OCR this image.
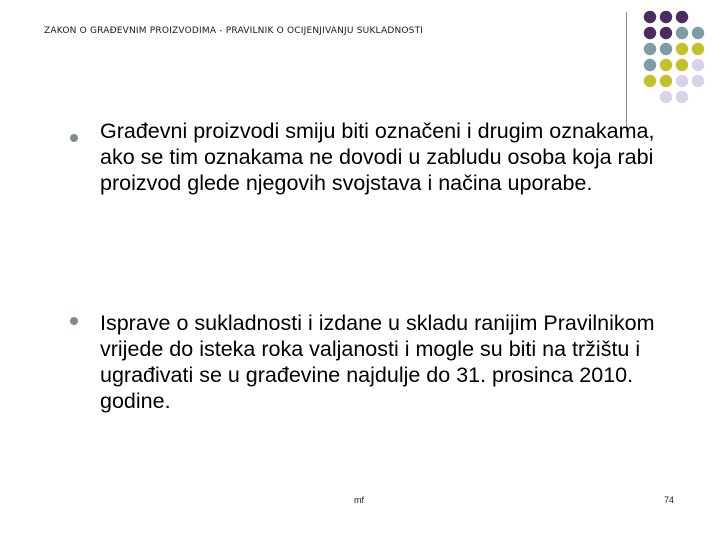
ZAKON O GRAĐEVNIM PROIZVODIMA - PRAVILNIK O OCIJENJIVANJU SUKLADNOSTI
Građevni proizvodi smiju biti označeni i drugim oznakama, ako se tim oznakama ne dovodi u zabludu osoba koja rabi proizvod glede njegovih svojstava i načina uporabe.
Isprave o sukladnosti i izdane u skladu ranijim Pravilnikom vrijede do isteka roka valjanosti i mogle su biti na tržištu i ugrađivati se u građevine najdulje do 31. prosinca 2010. godine.
mf	74
